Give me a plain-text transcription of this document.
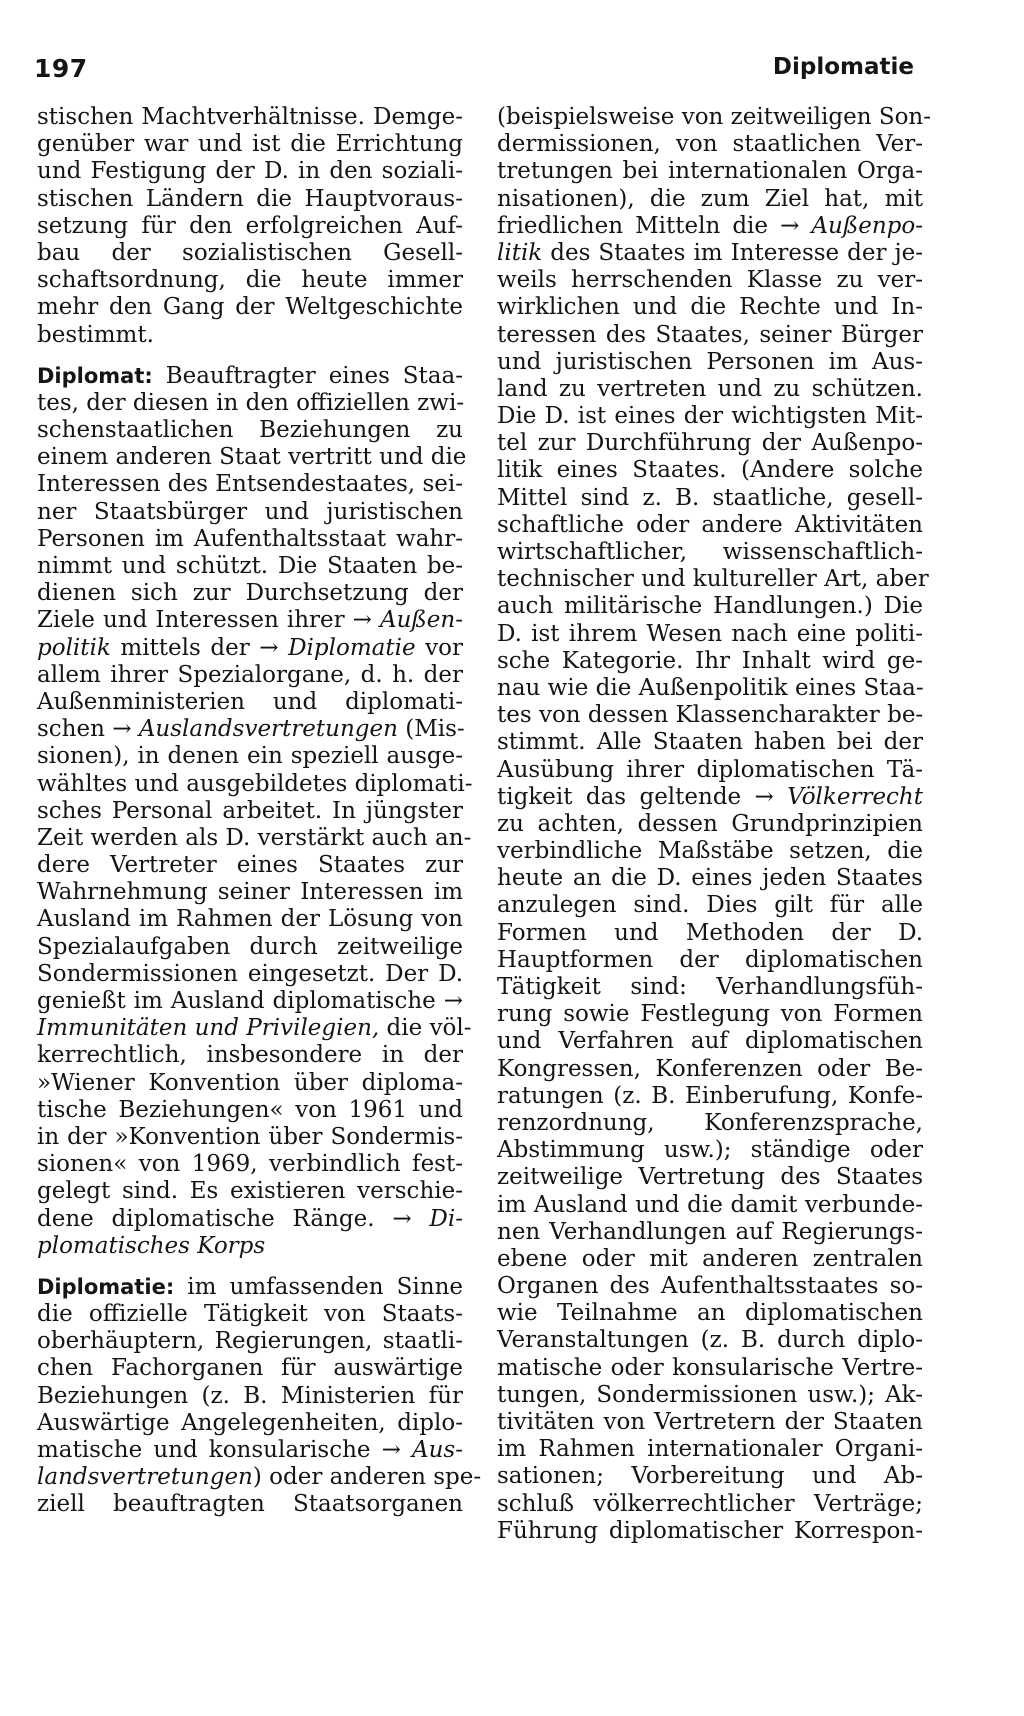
197	Diplomatie
stischen Machtverhältnisse. Demge-
genüber war und ist die Errichtung
und Festigung der D. in den soziali-
stischen Ländern die Hauptvoraus-
setzung für den erfolgreichen Auf-
bau der sozialistischen Gesell-
schaftsordnung, die heute immer
mehr den Gang der Weltgeschichte
bestimmt.
Diplomat: Beauftragter eines Staa-
tes, der diesen in den offiziellen zwi-
schenstaatlichen Beziehungen zu
einem anderen Staat vertritt und die
Interessen des Entsendestaates, sei-
ner Staatsbürger und juristischen
Personen im Aufenthaltsstaat wahr-
nimmt und schützt. Die Staaten be-
dienen sich zur Durchsetzung der
Ziele und Interessen ihrer → Außen-
politik mittels der → Diplomatie vor
allem ihrer Spezialorgane, d. h. der
Außenministerien und diplomati-
schen → Auslandsvertretungen (Mis-
sionen), in denen ein speziell ausge-
wähltes und ausgebildetes diplomati-
sches Personal arbeitet. In jüngster
Zeit werden als D. verstärkt auch an-
dere Vertreter eines Staates zur
Wahrnehmung seiner Interessen im
Ausland im Rahmen der Lösung von
Spezialaufgaben durch zeitweilige
Sondermissionen eingesetzt. Der D.
genießt im Ausland diplomatische →
Immunitäten und Privilegien, die völ-
kerrechtlich, insbesondere in der
»Wiener Konvention über diploma-
tische Beziehungen« von 1961 und
in der »Konvention über Sondermis-
sionen« von 1969, verbindlich fest-
gelegt sind. Es existieren verschie-
dene diplomatische Ränge. → Di-
plomatisches Korps
Diplomatie: im umfassenden Sinne
die offizielle Tätigkeit von Staats-
oberhäuptern, Regierungen, staatli-
chen Fachorganen für auswärtige
Beziehungen (z. B. Ministerien für
Auswärtige Angelegenheiten, diplo-
matische und konsularische → Aus-
landsvertretungen) oder anderen spe-
ziell beauftragten Staatsorganen
(beispielsweise von zeitweiligen Son-
dermissionen, von staatlichen Ver-
tretungen bei internationalen Orga-
nisationen), die zum Ziel hat, mit
friedlichen Mitteln die → Außenpo-
litik des Staates im Interesse der je-
weils herrschenden Klasse zu ver-
wirklichen und die Rechte und In-
teressen des Staates, seiner Bürger
und juristischen Personen im Aus-
land zu vertreten und zu schützen.
Die D. ist eines der wichtigsten Mit-
tel zur Durchführung der Außenpo-
litik eines Staates. (Andere solche
Mittel sind z. B. staatliche, gesell-
schaftliche oder andere Aktivitäten
wirtschaftlicher, wissenschaftlich-
technischer und kultureller Art, aber
auch militärische Handlungen.) Die
D. ist ihrem Wesen nach eine politi-
sche Kategorie. Ihr Inhalt wird ge-
nau wie die Außenpolitik eines Staa-
tes von dessen Klassencharakter be-
stimmt. Alle Staaten haben bei der
Ausübung ihrer diplomatischen Tä-
tigkeit das geltende → Völkerrecht
zu achten, dessen Grundprinzipien
verbindliche Maßstäbe setzen, die
heute an die D. eines jeden Staates
anzulegen sind. Dies gilt für alle
Formen und Methoden der D.
Hauptformen der diplomatischen
Tätigkeit sind: Verhandlungsfüh-
rung sowie Festlegung von Formen
und Verfahren auf diplomatischen
Kongressen, Konferenzen oder Be-
ratungen (z. B. Einberufung, Konfe-
renzordnung, Konferenzsprache,
Abstimmung usw.); ständige oder
zeitweilige Vertretung des Staates
im Ausland und die damit verbunde-
nen Verhandlungen auf Regierungs-
ebene oder mit anderen zentralen
Organen des Aufenthaltsstaates so-
wie Teilnahme an diplomatischen
Veranstaltungen (z. B. durch diplo-
matische oder konsularische Vertre-
tungen, Sondermissionen usw.); Ak-
tivitäten von Vertretern der Staaten
im Rahmen internationaler Organi-
sationen; Vorbereitung und Ab-
schluß völkerrechtlicher Verträge;
Führung diplomatischer Korrespon-
